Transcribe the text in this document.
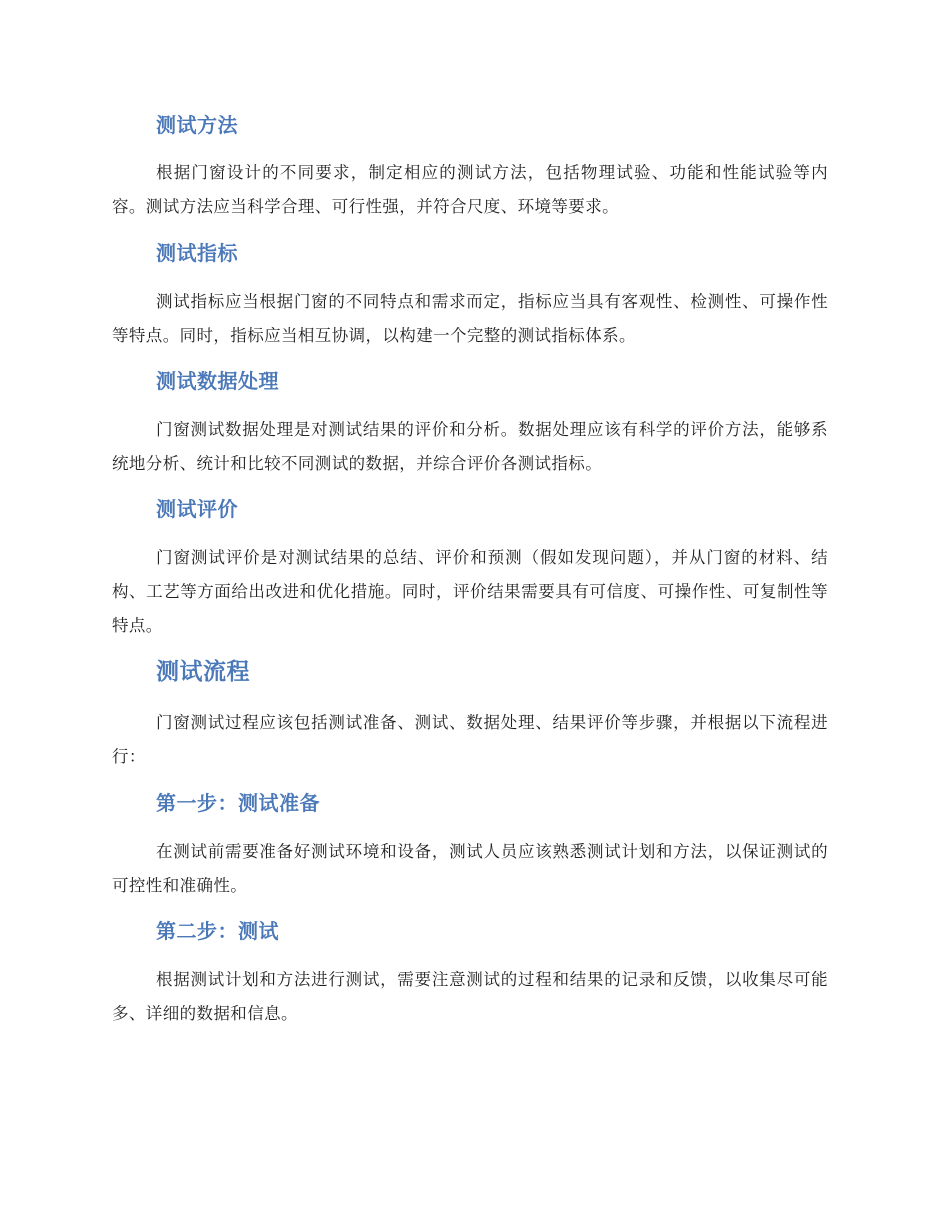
测试方法

根据门窗设计的不同要求，制定相应的测试方法，包括物理试验、功能和性能试验等内容。测试方法应当科学合理、可行性强，并符合尺度、环境等要求。

测试指标

测试指标应当根据门窗的不同特点和需求而定，指标应当具有客观性、检测性、可操作性等特点。同时，指标应当相互协调，以构建一个完整的测试指标体系。

测试数据处理

门窗测试数据处理是对测试结果的评价和分析。数据处理应该有科学的评价方法，能够系统地分析、统计和比较不同测试的数据，并综合评价各测试指标。

测试评价

门窗测试评价是对测试结果的总结、评价和预测（假如发现问题），并从门窗的材料、结构、工艺等方面给出改进和优化措施。同时，评价结果需要具有可信度、可操作性、可复制性等特点。

测试流程

门窗测试过程应该包括测试准备、测试、数据处理、结果评价等步骤，并根据以下流程进行：

第一步：测试准备

在测试前需要准备好测试环境和设备，测试人员应该熟悉测试计划和方法，以保证测试的可控性和准确性。

第二步：测试

根据测试计划和方法进行测试，需要注意测试的过程和结果的记录和反馈，以收集尽可能多、详细的数据和信息。
